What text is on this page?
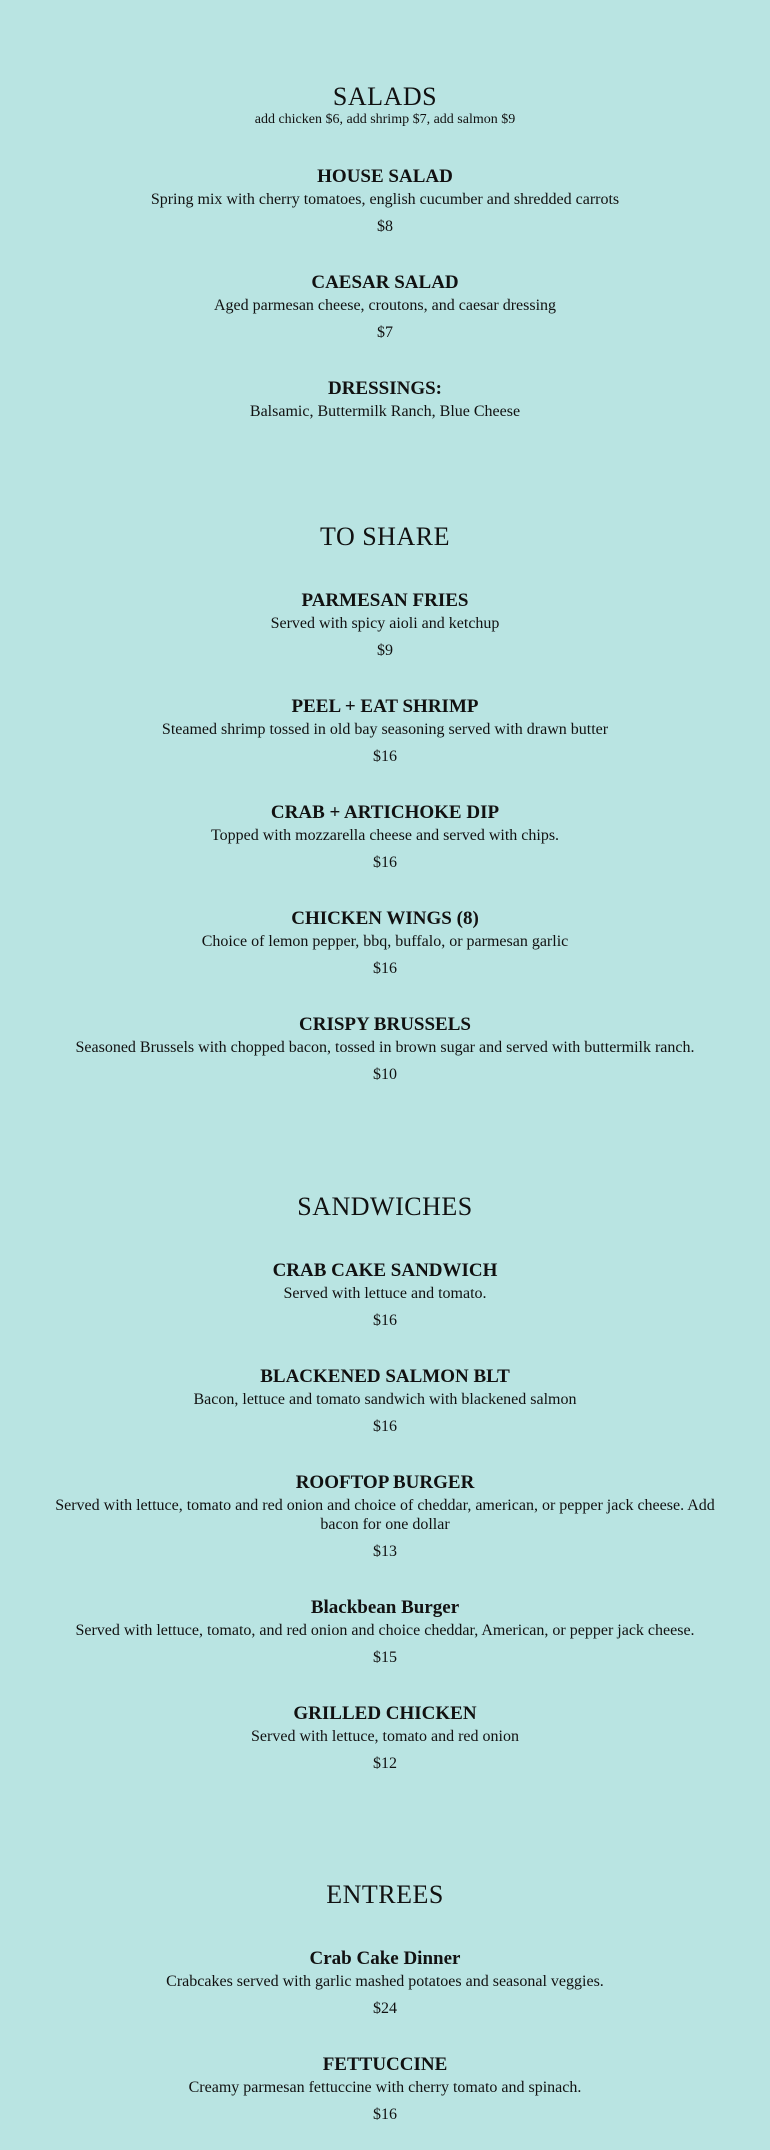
SALADS

add chicken $6, add shrimp $7, add salmon $9

HOUSE SALAD

Spring mix with cherry tomatoes, english cucumber and shredded carrots

$8

CAESAR SALAD

Aged parmesan cheese, croutons, and caesar dressing

$7

DRESSINGS:

Balsamic, Buttermilk Ranch, Blue Cheese

TO SHARE

PARMESAN FRIES

Served with spicy aioli and ketchup

$9

PEEL + EAT SHRIMP

Steamed shrimp tossed in old bay seasoning served with drawn butter

$16

CRAB + ARTICHOKE DIP

Topped with mozzarella cheese and served with chips.

$16

CHICKEN WINGS (8)

Choice of lemon pepper, bbq, buffalo, or parmesan garlic

$16

CRISPY BRUSSELS

Seasoned Brussels with chopped bacon, tossed in brown sugar and served with buttermilk ranch.

$10

SANDWICHES

CRAB CAKE SANDWICH

Served with lettuce and tomato.

$16

BLACKENED SALMON BLT

Bacon, lettuce and tomato sandwich with blackened salmon

$16

ROOFTOP BURGER

Served with lettuce, tomato and red onion and choice of cheddar, american, or pepper jack cheese. Add bacon for one dollar

$13

Blackbean Burger

Served with lettuce, tomato, and red onion and choice cheddar, American, or pepper jack cheese.

$15

GRILLED CHICKEN

Served with lettuce, tomato and red onion

$12

ENTREES

Crab Cake Dinner

Crabcakes served with garlic mashed potatoes and seasonal veggies.

$24

FETTUCCINE

Creamy parmesan fettuccine with cherry tomato and spinach.

$16
